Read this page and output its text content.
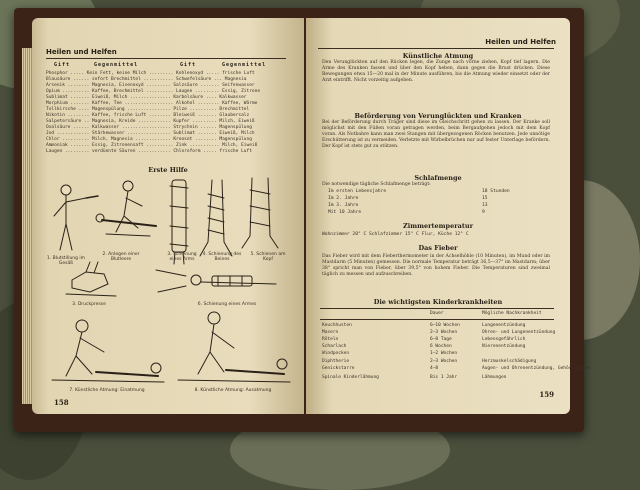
Heilen und Helfen
Gift	Gegenmittel	Gift	Gegenmittel
Phosphor ..... Kein Fett, keine Milch ......... Kohlenoxyd ..... frische Luft
Blausäure ...... sofort Brechmittel ........... Schwefelsäure ... Magnesia
Arsenik ........ Magnesia, Eisenoxyd ......... Salzsäure ....... Seifenwasser
Opium .......... Kaffee, Brechmittel .......... Laugen ......... Essig, Zitrone
Sublimat ....... Eiweiß, Milch ............... Karbolsäure .... Kalkwasser
Morphium ....... Kaffee, Tee .................. Alkohol ........ Kaffee, Wärme
Tollkirsche .... Magenspülung ................ Pilze .......... Brechmittel
Nikotin ........ Kaffee, frische Luft ........ Bleiweiß ....... Glaubersalz
Salpetersäure .. Magnesia, Kreide ............ Kupfer ......... Milch, Eiweiß
Oxalsäure ...... Kalkwasser .................. Strychnin ...... Magenspülung
Jod ............ Stärkewasser ................ Sublimat ....... Eiweiß, Milch
Chlor .......... Milch, Magnesia ............. Kreosot ........ Magenspülung
Ammoniak ....... Essig, Zitronensaft .......... Zink ........... Milch, Eiweiß
Laugen ......... verdünnte Säuren ............ Chloroform ..... frische Luft
Erste Hilfe
1. Blutstillung im Gesäß
2. Anlegen einer Blutleere
3. Schienung eines Arms
4. Schienung des Beines
5. Schienen am Kopf
3. Druckpresse	6. Schienung eines Armes
7. Künstliche Atmung: Einatmung	8. Künstliche Atmung: Ausatmung
158
Heilen und Helfen
Künstliche Atmung
Den Verunglückten auf den Rücken legen, die Zunge nach vorne ziehen, Kopf tief lagern. Die Arme des Kranken fassen und über den Kopf heben, dann gegen die Brust drücken. Diese Bewegungen etwa 15—20 mal in der Minute ausführen, bis die Atmung wieder einsetzt oder der Arzt eintrifft. Nicht vorzeitig aufgeben.
Beförderung von Verunglückten und Kranken
Bei der Beförderung durch Träger sind diese im Gleichschritt gehen zu lassen. Der Kranke soll möglichst mit den Füßen voran getragen werden, beim Bergaufgehen jedoch mit dem Kopf voran. Als Notbahre kann man zwei Stangen mit übergezogenen Röcken benutzen. Jede unnötige Erschütterung ist zu vermeiden. Verletzte mit Wirbelbrüchen nur auf fester Unterlage befördern. Der Kopf ist stets gut zu stützen.
Schlafmenge
Die notwendige tägliche Schlafmenge beträgt:
Im ersten Lebensjahre	18 Stunden
Im 2. Jahre	15
Im 3. Jahre	13
Mit 10 Jahre	9
Zimmertemperatur
Wohnzimmer 20° C Schlafzimmer 15° C Flur, Küche 12° C
Das Fieber
Das Fieber wird mit dem Fieberthermometer in der Achselhöhle (10 Minuten), im Mund oder im Mastdarm (5 Minuten) gemessen. Die normale Temperatur beträgt 36,5—37° im Mastdarm; über 38° spricht man von Fieber, über 39,5° von hohem Fieber. Die Temperaturen sind zweimal täglich zu messen und aufzuschreiben.
Die wichtigsten Kinderkrankheiten
Dauer	Mögliche Nachkrankheit
Keuchhusten	6—10 Wochen	Lungenentzündung
Masern	2—3 Wochen	Ohren- und Lungenentzündung
Röteln	6—8 Tage	Lebensgefährlich
Scharlach	6 Wochen	Nierenentzündung
Windpocken	1—2 Wochen
Diphtherie	2—3 Wochen	Herzmuskelschädigung
Genickstarre	4—8	Augen- und Ohrenentzündung, Gehörschaden
Spinale Kinderlähmung	Bis 1 Jahr	Lähmungen
159
